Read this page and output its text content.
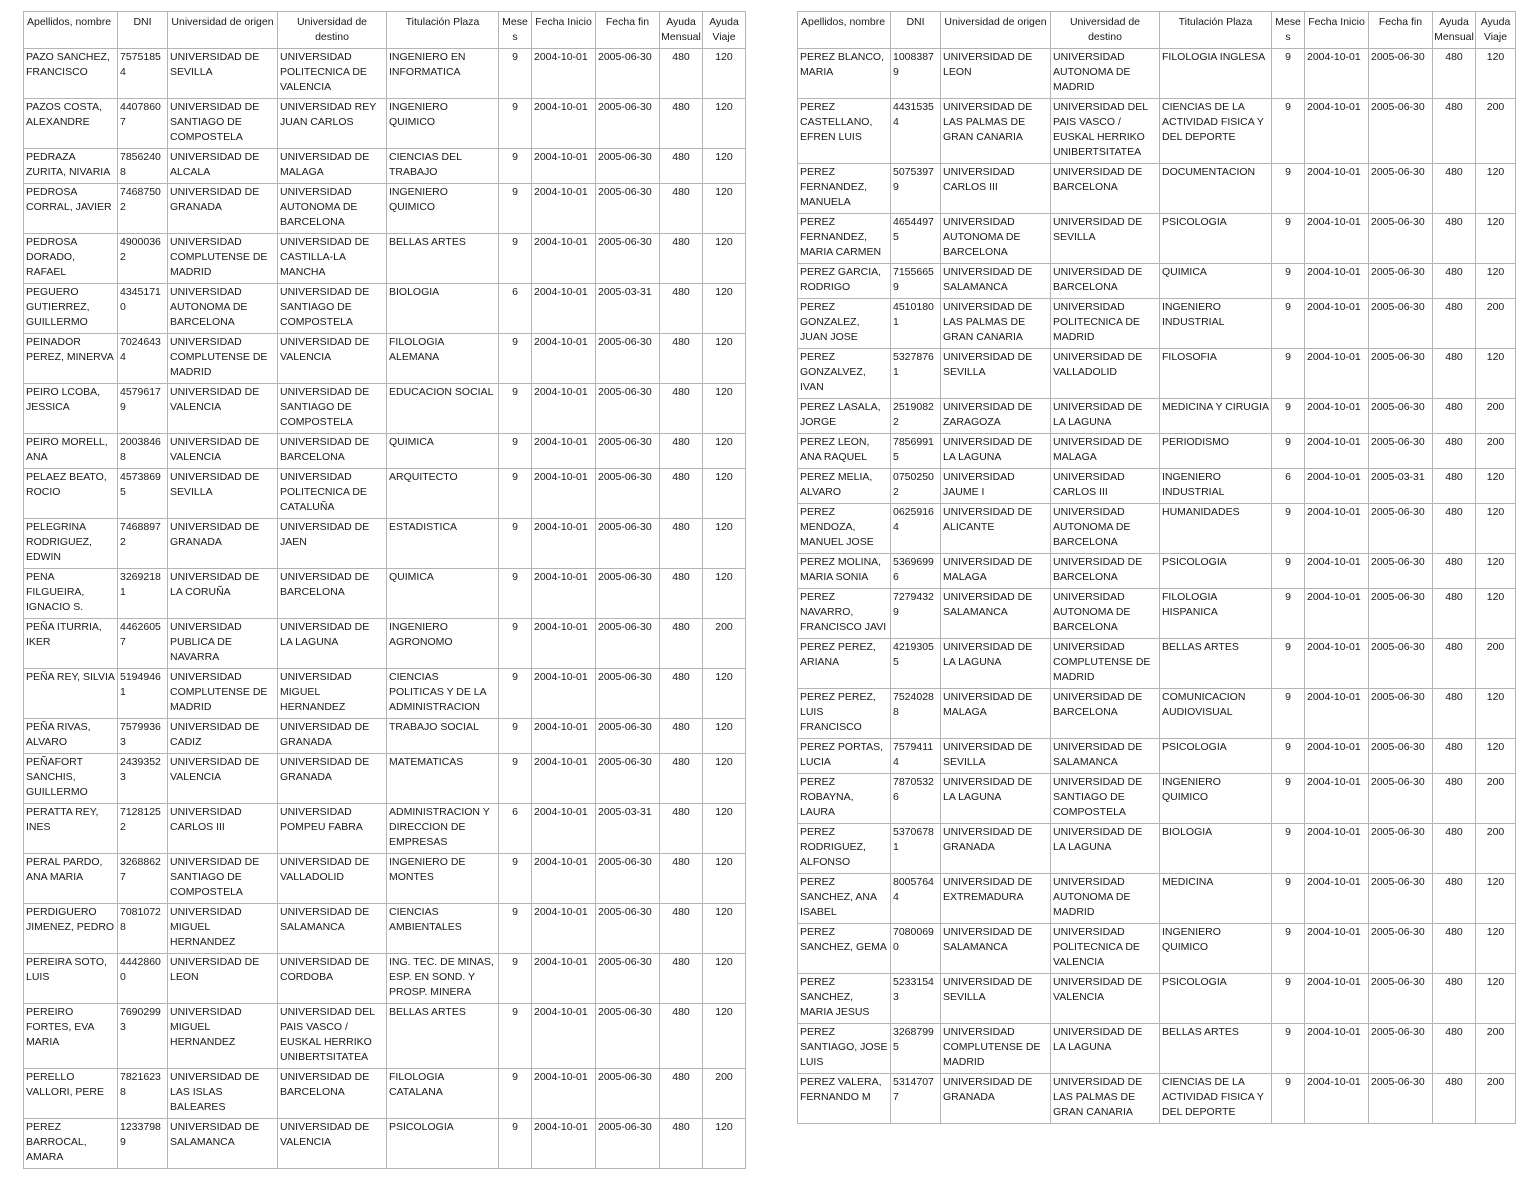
Apellidos, nombre	DNI	Universidad de origen	Universidad de destino	Titulación Plaza	Meses	Fecha Inicio	Fecha fin	Ayuda Mensual	Ayuda Viaje
PAZO SANCHEZ, FRANCISCO	75751854	UNIVERSIDAD DE SEVILLA	UNIVERSIDAD POLITECNICA DE VALENCIA	INGENIERO EN INFORMATICA	9	2004-10-01	2005-06-30	480	120
PAZOS COSTA, ALEXANDRE	44078607	UNIVERSIDAD DE SANTIAGO DE COMPOSTELA	UNIVERSIDAD REY JUAN CARLOS	INGENIERO QUIMICO	9	2004-10-01	2005-06-30	480	120
PEDRAZA ZURITA, NIVARIA	78562408	UNIVERSIDAD DE ALCALA	UNIVERSIDAD DE MALAGA	CIENCIAS DEL TRABAJO	9	2004-10-01	2005-06-30	480	120
PEDROSA CORRAL, JAVIER	74687502	UNIVERSIDAD DE GRANADA	UNIVERSIDAD AUTONOMA DE BARCELONA	INGENIERO QUIMICO	9	2004-10-01	2005-06-30	480	120
PEDROSA DORADO, RAFAEL	49000362	UNIVERSIDAD COMPLUTENSE DE MADRID	UNIVERSIDAD DE CASTILLA-LA MANCHA	BELLAS ARTES	9	2004-10-01	2005-06-30	480	120
PEGUERO GUTIERREZ, GUILLERMO	43451710	UNIVERSIDAD AUTONOMA DE BARCELONA	UNIVERSIDAD DE SANTIAGO DE COMPOSTELA	BIOLOGIA	6	2004-10-01	2005-03-31	480	120
PEINADOR PEREZ, MINERVA	70246434	UNIVERSIDAD COMPLUTENSE DE MADRID	UNIVERSIDAD DE VALENCIA	FILOLOGIA ALEMANA	9	2004-10-01	2005-06-30	480	120
PEIRO LCOBA, JESSICA	45796179	UNIVERSIDAD DE VALENCIA	UNIVERSIDAD DE SANTIAGO DE COMPOSTELA	EDUCACION SOCIAL	9	2004-10-01	2005-06-30	480	120
PEIRO MORELL, ANA	20038468	UNIVERSIDAD DE VALENCIA	UNIVERSIDAD DE BARCELONA	QUIMICA	9	2004-10-01	2005-06-30	480	120
PELAEZ BEATO, ROCIO	45738695	UNIVERSIDAD DE SEVILLA	UNIVERSIDAD POLITECNICA DE CATALUÑA	ARQUITECTO	9	2004-10-01	2005-06-30	480	120
PELEGRINA RODRIGUEZ, EDWIN	74688972	UNIVERSIDAD DE GRANADA	UNIVERSIDAD DE JAEN	ESTADISTICA	9	2004-10-01	2005-06-30	480	120
PENA FILGUEIRA, IGNACIO S.	32692181	UNIVERSIDAD DE LA CORUÑA	UNIVERSIDAD DE BARCELONA	QUIMICA	9	2004-10-01	2005-06-30	480	120
PEÑA ITURRIA, IKER	44626057	UNIVERSIDAD PUBLICA DE NAVARRA	UNIVERSIDAD DE LA LAGUNA	INGENIERO AGRONOMO	9	2004-10-01	2005-06-30	480	200
PEÑA REY, SILVIA	51949461	UNIVERSIDAD COMPLUTENSE DE MADRID	UNIVERSIDAD MIGUEL HERNANDEZ	CIENCIAS POLITICAS Y DE LA ADMINISTRACION	9	2004-10-01	2005-06-30	480	120
PEÑA RIVAS, ALVARO	75799363	UNIVERSIDAD DE CADIZ	UNIVERSIDAD DE GRANADA	TRABAJO SOCIAL	9	2004-10-01	2005-06-30	480	120
PEÑAFORT SANCHIS, GUILLERMO	24393523	UNIVERSIDAD DE VALENCIA	UNIVERSIDAD DE GRANADA	MATEMATICAS	9	2004-10-01	2005-06-30	480	120
PERATTA REY, INES	71281252	UNIVERSIDAD CARLOS III	UNIVERSIDAD POMPEU FABRA	ADMINISTRACION Y DIRECCION DE EMPRESAS	6	2004-10-01	2005-03-31	480	120
PERAL PARDO, ANA MARIA	32688627	UNIVERSIDAD DE SANTIAGO DE COMPOSTELA	UNIVERSIDAD DE VALLADOLID	INGENIERO DE MONTES	9	2004-10-01	2005-06-30	480	120
PERDIGUERO JIMENEZ, PEDRO	70810728	UNIVERSIDAD MIGUEL HERNANDEZ	UNIVERSIDAD DE SALAMANCA	CIENCIAS AMBIENTALES	9	2004-10-01	2005-06-30	480	120
PEREIRA SOTO, LUIS	44428600	UNIVERSIDAD DE LEON	UNIVERSIDAD DE CORDOBA	ING. TEC. DE MINAS, ESP. EN SOND. Y PROSP. MINERA	9	2004-10-01	2005-06-30	480	120
PEREIRO FORTES, EVA MARIA	76902993	UNIVERSIDAD MIGUEL HERNANDEZ	UNIVERSIDAD DEL PAIS VASCO / EUSKAL HERRIKO UNIBERTSITATEA	BELLAS ARTES	9	2004-10-01	2005-06-30	480	120
PERELLO VALLORI, PERE	78216238	UNIVERSIDAD DE LAS ISLAS BALEARES	UNIVERSIDAD DE BARCELONA	FILOLOGIA CATALANA	9	2004-10-01	2005-06-30	480	200
PEREZ BARROCAL, AMARA	12337989	UNIVERSIDAD DE SALAMANCA	UNIVERSIDAD DE VALENCIA	PSICOLOGIA	9	2004-10-01	2005-06-30	480	120
Apellidos, nombre	DNI	Universidad de origen	Universidad de destino	Titulación Plaza	Meses	Fecha Inicio	Fecha fin	Ayuda Mensual	Ayuda Viaje
PEREZ BLANCO, MARIA	10083879	UNIVERSIDAD DE LEON	UNIVERSIDAD AUTONOMA DE MADRID	FILOLOGIA INGLESA	9	2004-10-01	2005-06-30	480	120
PEREZ CASTELLANO, EFREN LUIS	44315354	UNIVERSIDAD DE LAS PALMAS DE GRAN CANARIA	UNIVERSIDAD DEL PAIS VASCO / EUSKAL HERRIKO UNIBERTSITATEA	CIENCIAS DE LA ACTIVIDAD FISICA Y DEL DEPORTE	9	2004-10-01	2005-06-30	480	200
PEREZ FERNANDEZ, MANUELA	50753979	UNIVERSIDAD CARLOS III	UNIVERSIDAD DE BARCELONA	DOCUMENTACION	9	2004-10-01	2005-06-30	480	120
PEREZ FERNANDEZ, MARIA CARMEN	46544975	UNIVERSIDAD AUTONOMA DE BARCELONA	UNIVERSIDAD DE SEVILLA	PSICOLOGIA	9	2004-10-01	2005-06-30	480	120
PEREZ GARCIA, RODRIGO	71556659	UNIVERSIDAD DE SALAMANCA	UNIVERSIDAD DE BARCELONA	QUIMICA	9	2004-10-01	2005-06-30	480	120
PEREZ GONZALEZ, JUAN JOSE	45101801	UNIVERSIDAD DE LAS PALMAS DE GRAN CANARIA	UNIVERSIDAD POLITECNICA DE MADRID	INGENIERO INDUSTRIAL	9	2004-10-01	2005-06-30	480	200
PEREZ GONZALVEZ, IVAN	53278761	UNIVERSIDAD DE SEVILLA	UNIVERSIDAD DE VALLADOLID	FILOSOFIA	9	2004-10-01	2005-06-30	480	120
PEREZ LASALA, JORGE	25190822	UNIVERSIDAD DE ZARAGOZA	UNIVERSIDAD DE LA LAGUNA	MEDICINA Y CIRUGIA	9	2004-10-01	2005-06-30	480	200
PEREZ LEON, ANA RAQUEL	78569915	UNIVERSIDAD DE LA LAGUNA	UNIVERSIDAD DE MALAGA	PERIODISMO	9	2004-10-01	2005-06-30	480	200
PEREZ MELIA, ALVARO	07502502	UNIVERSIDAD JAUME I	UNIVERSIDAD CARLOS III	INGENIERO INDUSTRIAL	6	2004-10-01	2005-03-31	480	120
PEREZ MENDOZA, MANUEL JOSE	06259164	UNIVERSIDAD DE ALICANTE	UNIVERSIDAD AUTONOMA DE BARCELONA	HUMANIDADES	9	2004-10-01	2005-06-30	480	120
PEREZ MOLINA, MARIA SONIA	53696996	UNIVERSIDAD DE MALAGA	UNIVERSIDAD DE BARCELONA	PSICOLOGIA	9	2004-10-01	2005-06-30	480	120
PEREZ NAVARRO, FRANCISCO JAVI	72794329	UNIVERSIDAD DE SALAMANCA	UNIVERSIDAD AUTONOMA DE BARCELONA	FILOLOGIA HISPANICA	9	2004-10-01	2005-06-30	480	120
PEREZ PEREZ, ARIANA	42193055	UNIVERSIDAD DE LA LAGUNA	UNIVERSIDAD COMPLUTENSE DE MADRID	BELLAS ARTES	9	2004-10-01	2005-06-30	480	200
PEREZ PEREZ, LUIS FRANCISCO	75240288	UNIVERSIDAD DE MALAGA	UNIVERSIDAD DE BARCELONA	COMUNICACION AUDIOVISUAL	9	2004-10-01	2005-06-30	480	120
PEREZ PORTAS, LUCIA	75794114	UNIVERSIDAD DE SEVILLA	UNIVERSIDAD DE SALAMANCA	PSICOLOGIA	9	2004-10-01	2005-06-30	480	120
PEREZ ROBAYNA, LAURA	78705326	UNIVERSIDAD DE LA LAGUNA	UNIVERSIDAD DE SANTIAGO DE COMPOSTELA	INGENIERO QUIMICO	9	2004-10-01	2005-06-30	480	200
PEREZ RODRIGUEZ, ALFONSO	53706781	UNIVERSIDAD DE GRANADA	UNIVERSIDAD DE LA LAGUNA	BIOLOGIA	9	2004-10-01	2005-06-30	480	200
PEREZ SANCHEZ, ANA ISABEL	80057644	UNIVERSIDAD DE EXTREMADURA	UNIVERSIDAD AUTONOMA DE MADRID	MEDICINA	9	2004-10-01	2005-06-30	480	120
PEREZ SANCHEZ, GEMA	70800690	UNIVERSIDAD DE SALAMANCA	UNIVERSIDAD POLITECNICA DE VALENCIA	INGENIERO QUIMICO	9	2004-10-01	2005-06-30	480	120
PEREZ SANCHEZ, MARIA JESUS	52331543	UNIVERSIDAD DE SEVILLA	UNIVERSIDAD DE VALENCIA	PSICOLOGIA	9	2004-10-01	2005-06-30	480	120
PEREZ SANTIAGO, JOSE LUIS	32687995	UNIVERSIDAD COMPLUTENSE DE MADRID	UNIVERSIDAD DE LA LAGUNA	BELLAS ARTES	9	2004-10-01	2005-06-30	480	200
PEREZ VALERA, FERNANDO M	53147077	UNIVERSIDAD DE GRANADA	UNIVERSIDAD DE LAS PALMAS DE GRAN CANARIA	CIENCIAS DE LA ACTIVIDAD FISICA Y DEL DEPORTE	9	2004-10-01	2005-06-30	480	200
